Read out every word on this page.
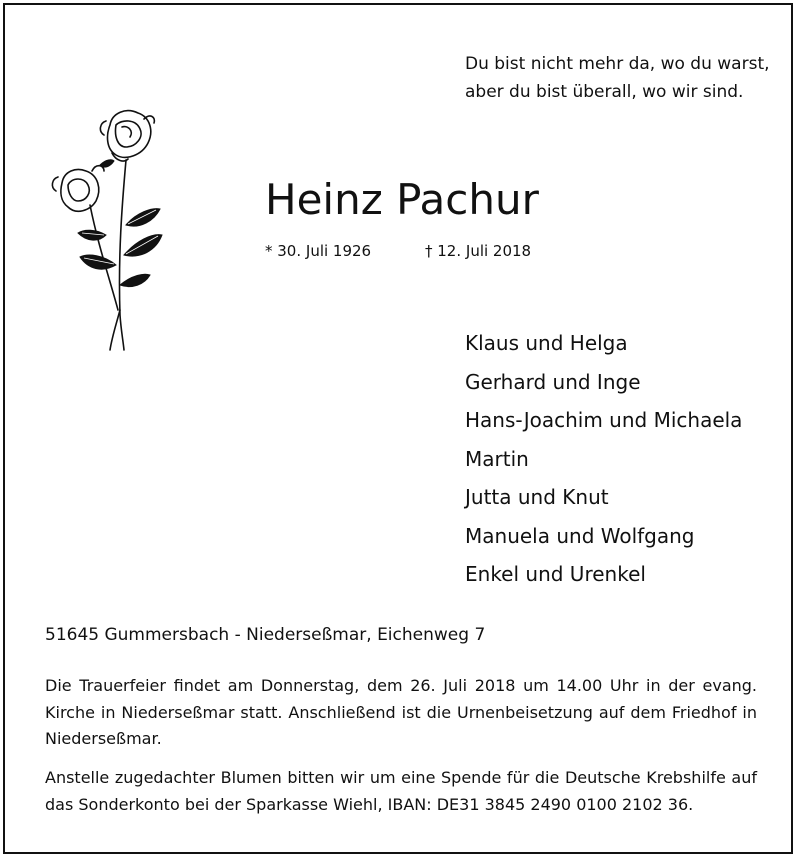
Du bist nicht mehr da, wo du warst,
aber du bist überall, wo wir sind.
Heinz Pachur
* 30. Juli 1926	† 12. Juli 2018
Klaus und Helga
Gerhard und Inge
Hans-Joachim und Michaela
Martin
Jutta und Knut
Manuela und Wolfgang
Enkel und Urenkel
51645 Gummersbach - Niederseßmar, Eichenweg 7
Die Trauerfeier findet am Donnerstag, dem 26. Juli 2018 um 14.00 Uhr in der evang. Kirche in Niederseßmar statt. Anschließend ist die Urnenbeisetzung auf dem Friedhof in Niederseßmar.
Anstelle zugedachter Blumen bitten wir um eine Spende für die Deutsche Krebshilfe auf das Sonderkonto bei der Sparkasse Wiehl, IBAN: DE31 3845 2490 0100 2102 36.
